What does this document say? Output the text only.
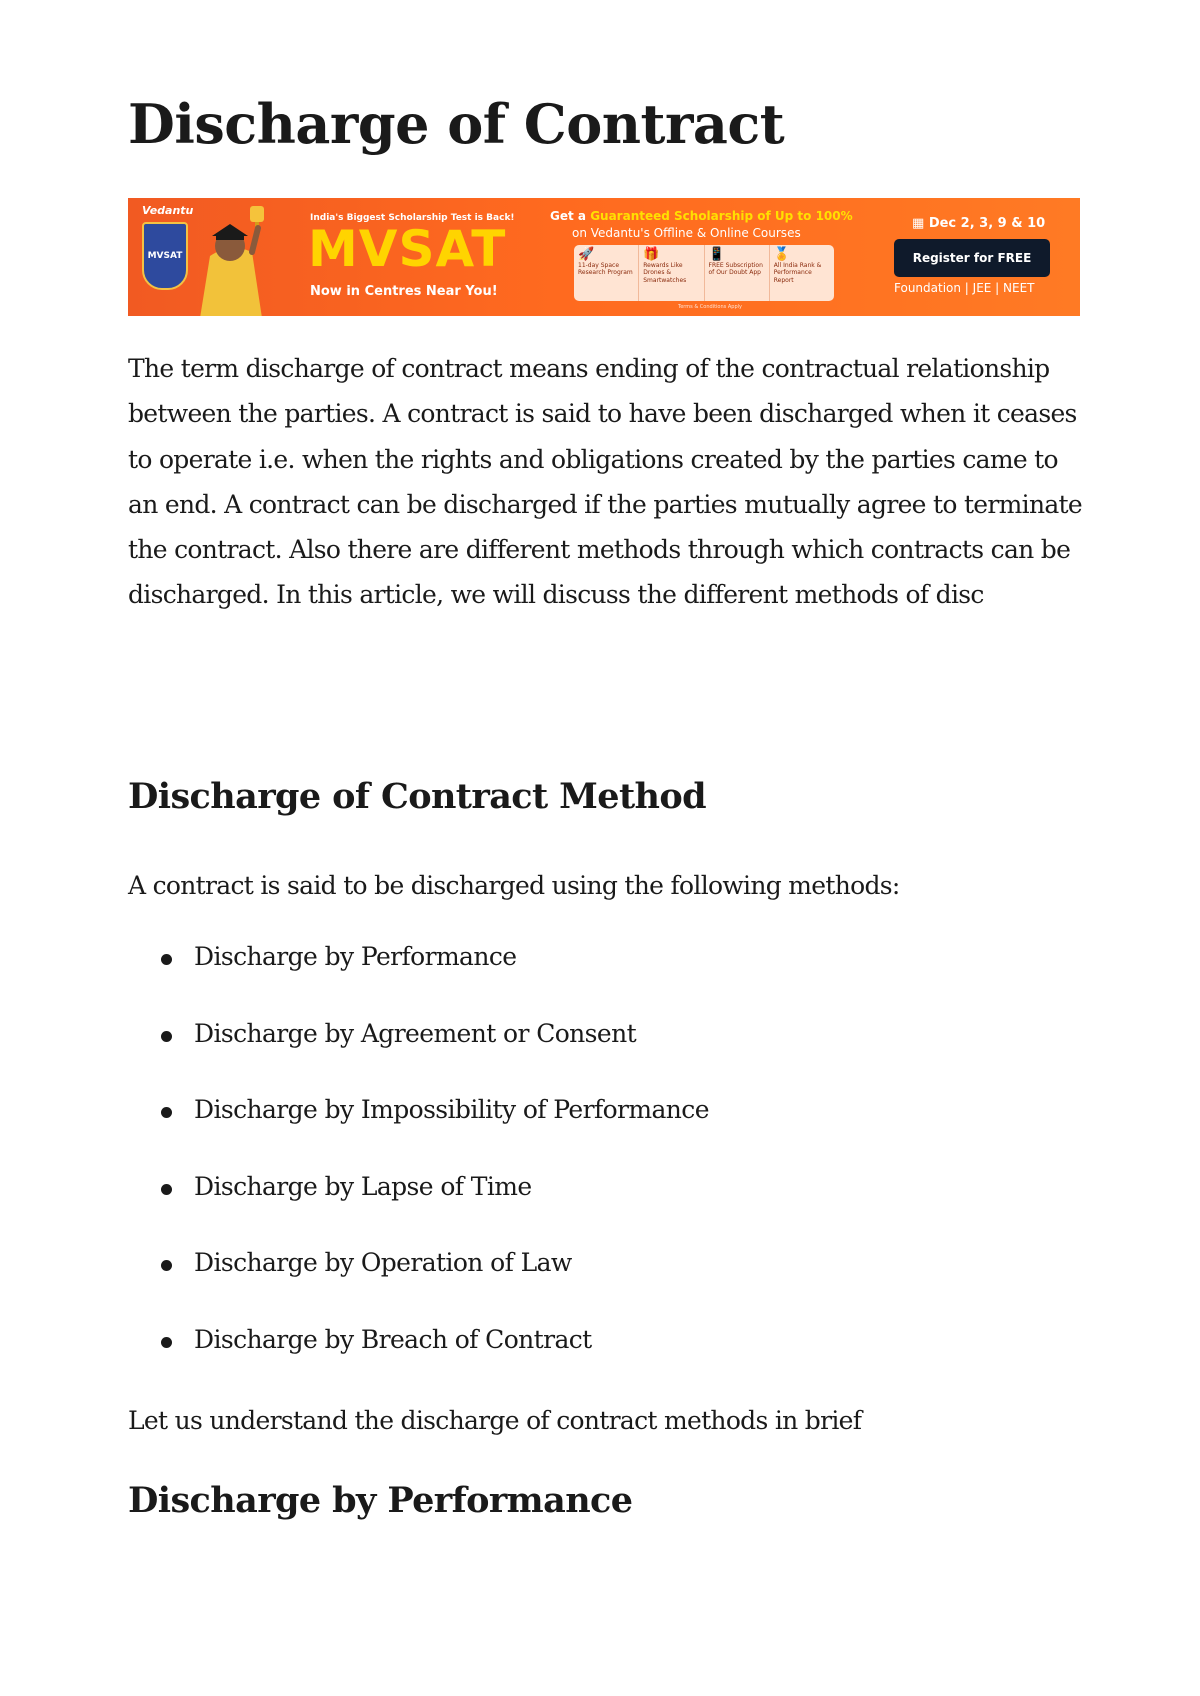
Discharge of Contract
Vedantu
MVSAT
India's Biggest Scholarship Test is Back!
MVSAT
Now in Centres Near You!
Get a Guaranteed Scholarship of Up to 100%
on Vedantu's Offline & Online Courses
🚀
11-day Space Research Program
🎁
Rewards Like Drones & Smartwatches
📱
FREE Subscription of Our Doubt App
🏅
All India Rank & Performance Report
Terms & Conditions Apply
▦ Dec 2, 3, 9 & 10
Register for FREE
Foundation | JEE | NEET

The term discharge of contract means ending of the contractual relationship between the parties. A contract is said to have been discharged when it ceases to operate i.e. when the rights and obligations created by the parties came to an end. A contract can be discharged if the parties mutually agree to terminate the contract. Also there are different methods through which contracts can be discharged. In this article, we will discuss the different methods of disc

Discharge of Contract Method

A contract is said to be discharged using the following methods:

Discharge by Performance
Discharge by Agreement or Consent
Discharge by Impossibility of Performance
Discharge by Lapse of Time
Discharge by Operation of Law
Discharge by Breach of Contract

Let us understand the discharge of contract methods in brief

Discharge by Performance
